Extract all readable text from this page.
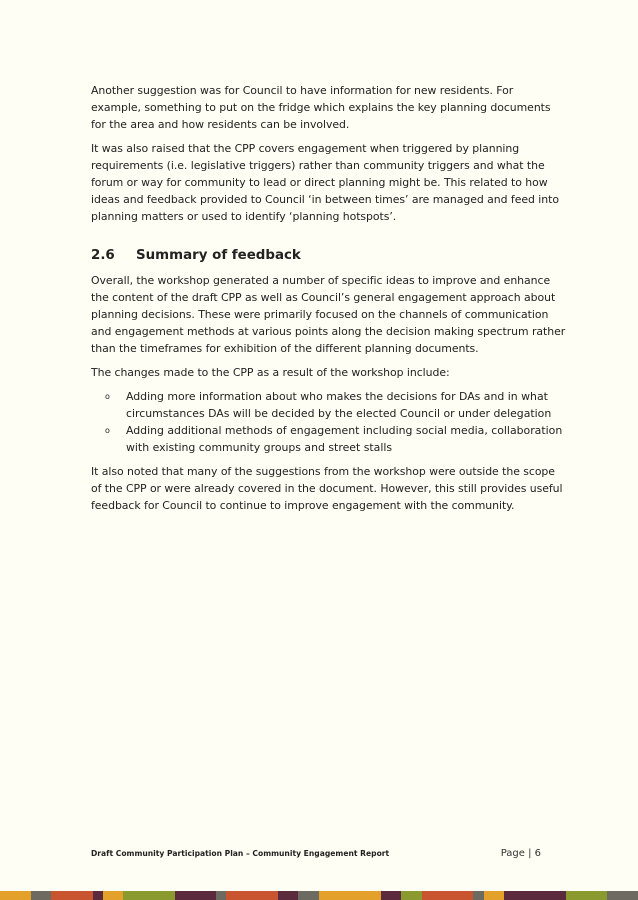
Another suggestion was for Council to have information for new residents. For example, something to put on the fridge which explains the key planning documents for the area and how residents can be involved.

It was also raised that the CPP covers engagement when triggered by planning requirements (i.e. legislative triggers) rather than community triggers and what the forum or way for community to lead or direct planning might be. This related to how ideas and feedback provided to Council ‘in between times’ are managed and feed into planning matters or used to identify ‘planning hotspots’.

2.6 Summary of feedback

Overall, the workshop generated a number of specific ideas to improve and enhance the content of the draft CPP as well as Council’s general engagement approach about planning decisions. These were primarily focused on the channels of communication and engagement methods at various points along the decision making spectrum rather than the timeframes for exhibition of the different planning documents.

The changes made to the CPP as a result of the workshop include:

o Adding more information about who makes the decisions for DAs and in what circumstances DAs will be decided by the elected Council or under delegation
o Adding additional methods of engagement including social media, collaboration with existing community groups and street stalls

It also noted that many of the suggestions from the workshop were outside the scope of the CPP or were already covered in the document. However, this still provides useful feedback for Council to continue to improve engagement with the community.

Draft Community Participation Plan – Community Engagement Report	Page | 6
